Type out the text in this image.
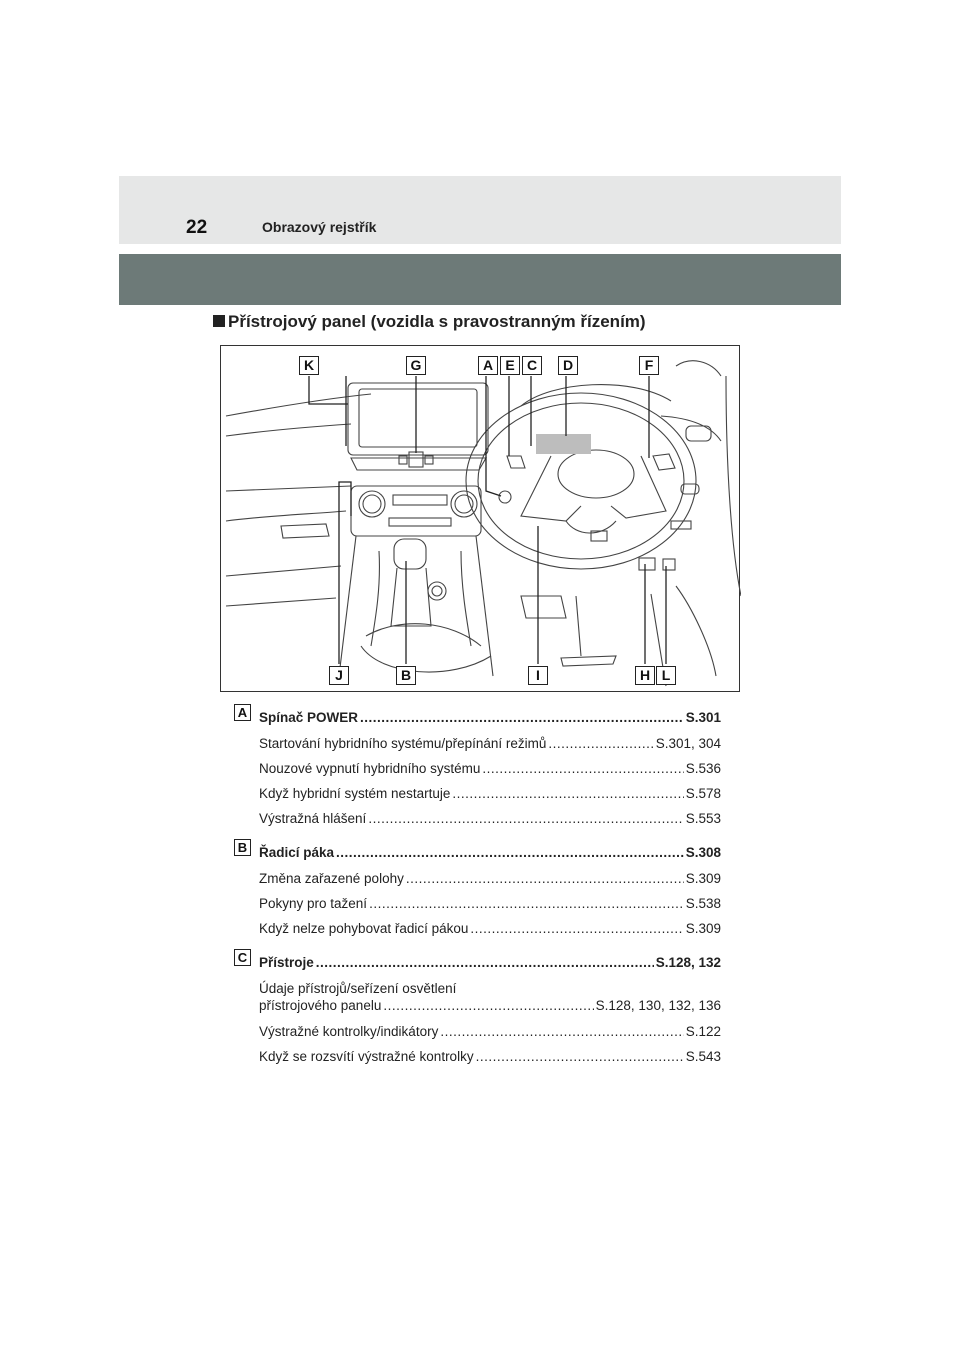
22	Obrazový rejstřík
Přístrojový panel (vozidla s pravostranným řízením)
K	G	A E C	D	F
J	B	I	H L
A Spínač POWER .....	S.301
Startování hybridního systému/přepínání režimů .....	S.301, 304
Nouzové vypnutí hybridního systému .....	S.536
Když hybridní systém nestartuje .....	S.578
Výstražná hlášení .....	S.553
B Řadicí páka .....	S.308
Změna zařazené polohy .....	S.309
Pokyny pro tažení .....	S.538
Když nelze pohybovat řadicí pákou .....	S.309
C Přístroje .....	S.128, 132
Údaje přístrojů/seřízení osvětlení
přístrojového panelu .....	S.128, 130, 132, 136
Výstražné kontrolky/indikátory .....	S.122
Když se rozsvítí výstražné kontrolky .....	S.543
